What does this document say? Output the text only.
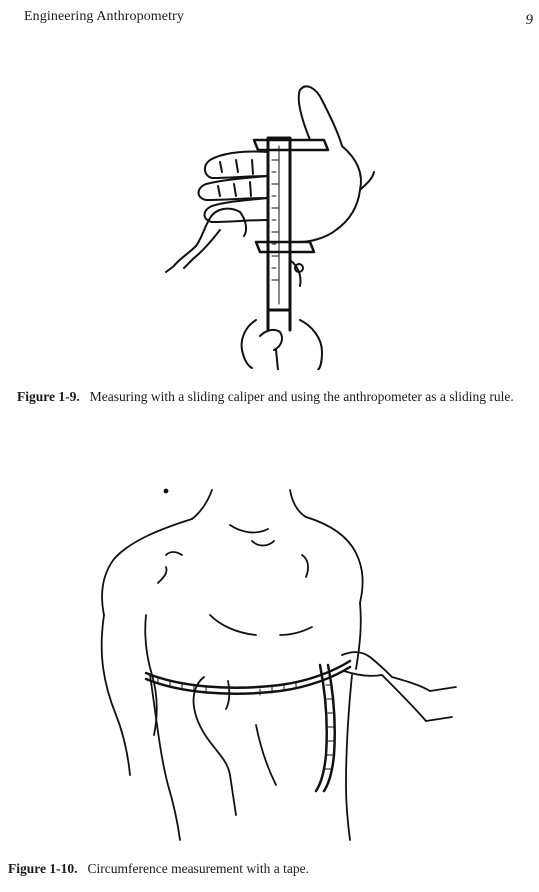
Engineering Anthropometry	9
Figure 1-9. Measuring with a sliding caliper and using the anthropometer as a sliding rule.
Figure 1-10. Circumference measurement with a tape.
